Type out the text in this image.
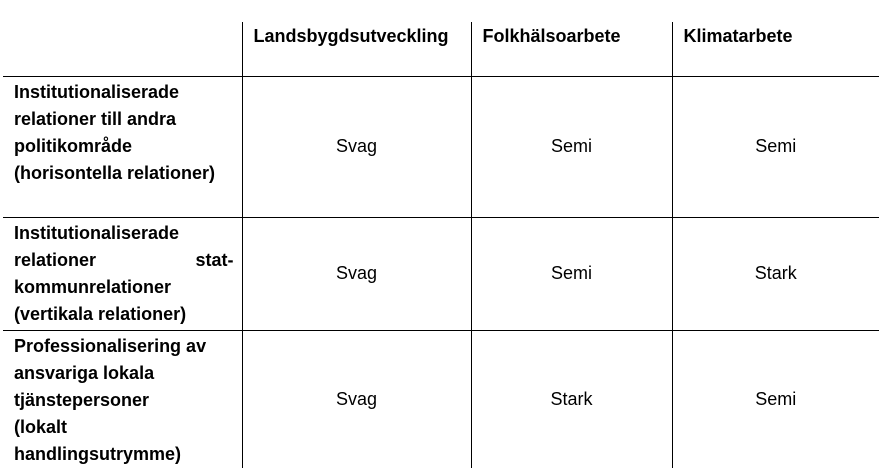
	Landsbygdsutveckling	Folkhälsoarbete	Klimatarbete

Institutionaliserade
relationer till andra
politikområde
(horisontella relationer)	Svag	Semi	Semi

Institutionaliserade
relationer stat-
kommunrelationer
(vertikala relationer)	Svag	Semi	Stark

Professionalisering av
ansvariga lokala
tjänstepersoner
(lokalt
handlingsutrymme)	Svag	Stark	Semi
